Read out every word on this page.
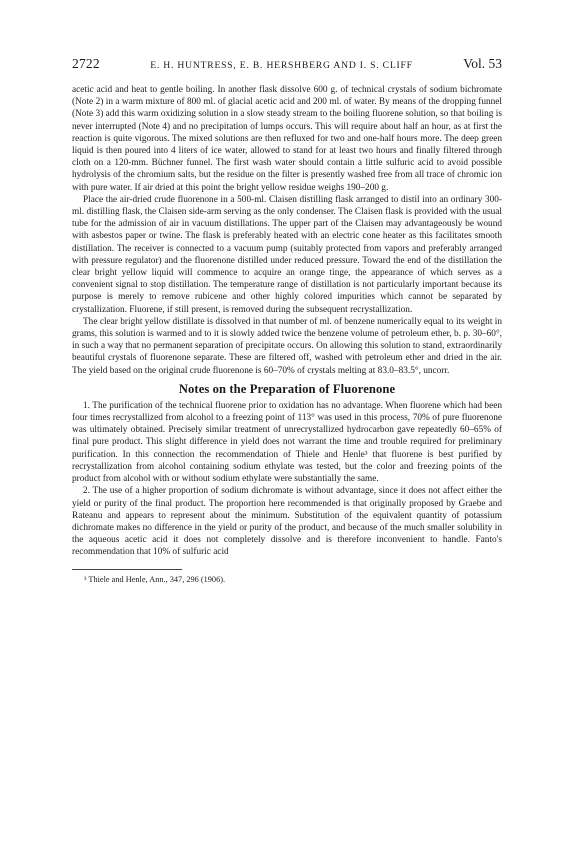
2722	E. H. HUNTRESS, E. B. HERSHBERG AND I. S. CLIFF	Vol. 53

acetic acid and heat to gentle boiling. In another flask dissolve 600 g. of technical crystals of sodium bichromate (Note 2) in a warm mixture of 800 ml. of glacial acetic acid and 200 ml. of water. By means of the dropping funnel (Note 3) add this warm oxidizing solution in a slow steady stream to the boiling fluorene solution, so that boiling is never interrupted (Note 4) and no precipitation of lumps occurs. This will require about half an hour, as at first the reaction is quite vigorous. The mixed solutions are then refluxed for two and one-half hours more. The deep green liquid is then poured into 4 liters of ice water, allowed to stand for at least two hours and finally filtered through cloth on a 120-mm. Büchner funnel. The first wash water should contain a little sulfuric acid to avoid possible hydrolysis of the chromium salts, but the residue on the filter is presently washed free from all trace of chromic ion with pure water. If air dried at this point the bright yellow residue weighs 190–200 g.

Place the air-dried crude fluorenone in a 500-ml. Claisen distilling flask arranged to distil into an ordinary 300-ml. distilling flask, the Claisen side-arm serving as the only condenser. The Claisen flask is provided with the usual tube for the admission of air in vacuum distillations. The upper part of the Claisen may advantageously be wound with asbestos paper or twine. The flask is preferably heated with an electric cone heater as this facilitates smooth distillation. The receiver is connected to a vacuum pump (suitably protected from vapors and preferably arranged with pressure regulator) and the fluorenone distilled under reduced pressure. Toward the end of the distillation the clear bright yellow liquid will commence to acquire an orange tinge, the appearance of which serves as a convenient signal to stop distillation. The temperature range of distillation is not particularly important because its purpose is merely to remove rubicene and other highly colored impurities which cannot be separated by crystallization. Fluorene, if still present, is removed during the subsequent recrystallization.

The clear bright yellow distillate is dissolved in that number of ml. of benzene numerically equal to its weight in grams, this solution is warmed and to it is slowly added twice the benzene volume of petroleum ether, b. p. 30–60°, in such a way that no permanent separation of precipitate occurs. On allowing this solution to stand, extraordinarily beautiful crystals of fluorenone separate. These are filtered off, washed with petroleum ether and dried in the air. The yield based on the original crude fluorenone is 60–70% of crystals melting at 83.0–83.5°, uncorr.

Notes on the Preparation of Fluorenone

1. The purification of the technical fluorene prior to oxidation has no advantage. When fluorene which had been four times recrystallized from alcohol to a freezing point of 113° was used in this process, 70% of pure fluorenone was ultimately obtained. Precisely similar treatment of unrecrystallized hydrocarbon gave repeatedly 60–65% of final pure product. This slight difference in yield does not warrant the time and trouble required for preliminary purification. In this connection the recommendation of Thiele and Henle³ that fluorene is best purified by recrystallization from alcohol containing sodium ethylate was tested, but the color and freezing points of the product from alcohol with or without sodium ethylate were substantially the same.

2. The use of a higher proportion of sodium dichromate is without advantage, since it does not affect either the yield or purity of the final product. The proportion here recommended is that originally proposed by Graebe and Rateanu and appears to represent about the minimum. Substitution of the equivalent quantity of potassium dichromate makes no difference in the yield or purity of the product, and because of the much smaller solubility in the aqueous acetic acid it does not completely dissolve and is therefore inconvenient to handle. Fanto's recommendation that 10% of sulfuric acid

³ Thiele and Henle, Ann., 347, 296 (1906).
